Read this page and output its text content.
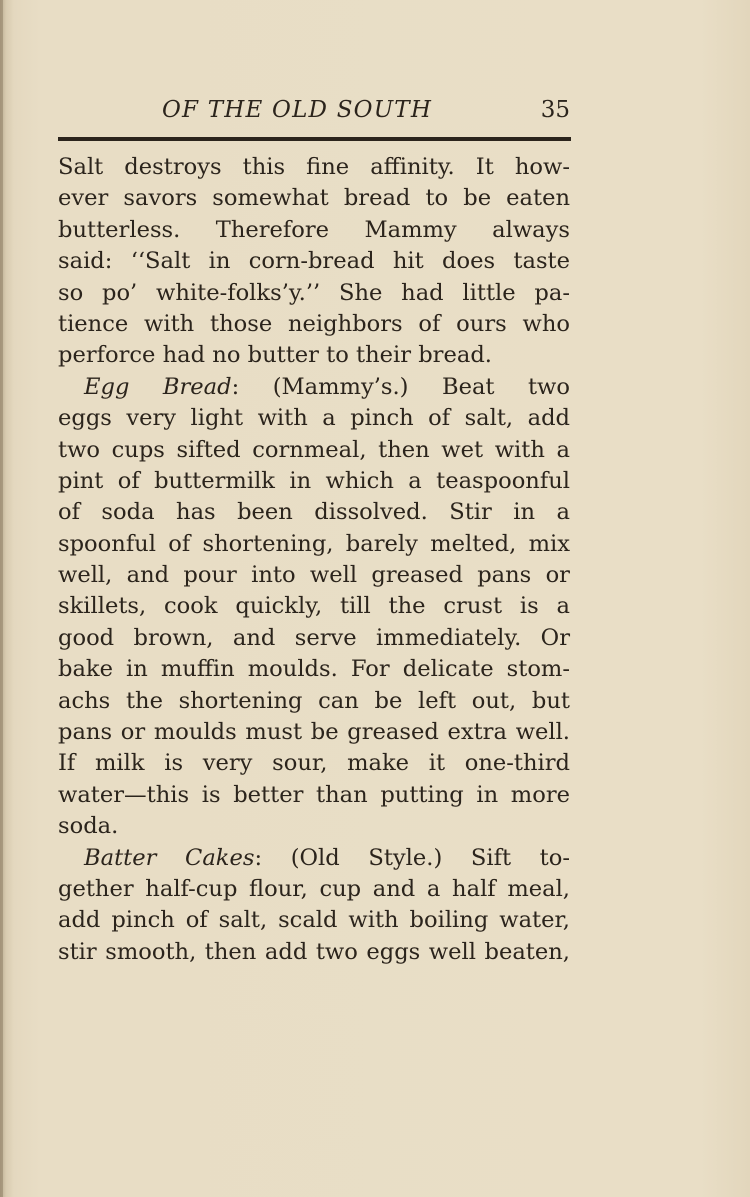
OF THE OLD SOUTH	35
Salt destroys this fine affinity. It how-
ever savors somewhat bread to be eaten
butterless. Therefore Mammy always
said: ‘‘Salt in corn-bread hit does taste
so po’ white-folks’y.’’ She had little pa-
tience with those neighbors of ours who
perforce had no butter to their bread.
Egg Bread: (Mammy’s.) Beat two
eggs very light with a pinch of salt, add
two cups sifted cornmeal, then wet with a
pint of buttermilk in which a teaspoonful
of soda has been dissolved. Stir in a
spoonful of shortening, barely melted, mix
well, and pour into well greased pans or
skillets, cook quickly, till the crust is a
good brown, and serve immediately. Or
bake in muffin moulds. For delicate stom-
achs the shortening can be left out, but
pans or moulds must be greased extra well.
If milk is very sour, make it one-third
water—this is better than putting in more
soda.
Batter Cakes: (Old Style.) Sift to-
gether half-cup flour, cup and a half meal,
add pinch of salt, scald with boiling water,
stir smooth, then add two eggs well beaten,
